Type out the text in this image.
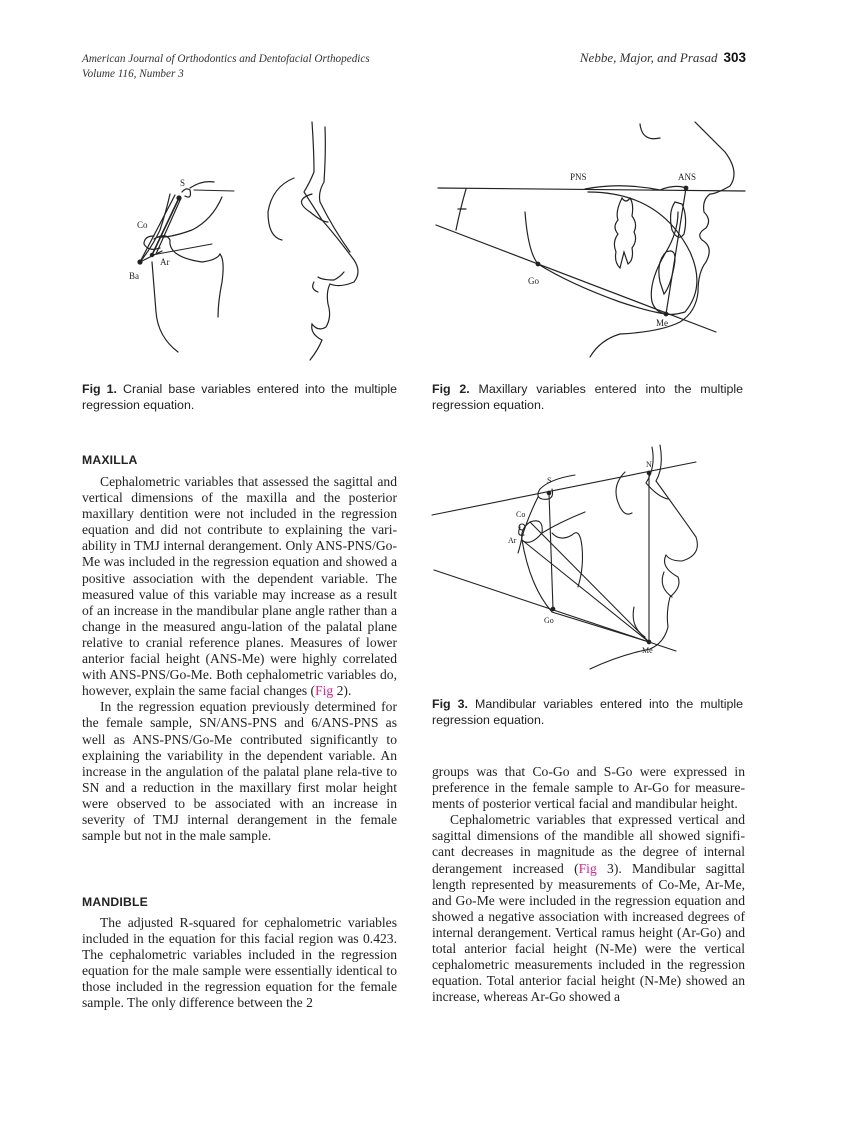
American Journal of Orthodontics and Dentofacial Orthopedics
Volume 116, Number 3
Nebbe, Major, and Prasad 303
S
Co
Ar
Ba
PNS	ANS
Go
Me
N
S
Co
Ar
Go
Me
Fig 1. Cranial base variables entered into the multiple regression equation.
Fig 2. Maxillary variables entered into the multiple regression equation.
Fig 3. Mandibular variables entered into the multiple regression equation.
MAXILLA

Cephalometric variables that assessed the sagittal and vertical dimensions of the maxilla and the posterior maxillary dentition were not included in the regression equation and did not contribute to explaining the vari-ability in TMJ internal derangement. Only ANS-PNS/Go-Me was included in the regression equation and showed a positive association with the dependent variable. The measured value of this variable may increase as a result of an increase in the mandibular plane angle rather than a change in the measured angu-lation of the palatal plane relative to cranial reference planes. Measures of lower anterior facial height (ANS-Me) were highly correlated with ANS-PNS/Go-Me. Both cephalometric variables do, however, explain the same facial changes (Fig 2).

In the regression equation previously determined for the female sample, SN/ANS-PNS and 6/ANS-PNS as well as ANS-PNS/Go-Me contributed significantly to explaining the variability in the dependent variable. An increase in the angulation of the palatal plane rela-tive to SN and a reduction in the maxillary first molar height were observed to be associated with an increase in severity of TMJ internal derangement in the female sample but not in the male sample.

MANDIBLE

The adjusted R-squared for cephalometric variables included in the equation for this facial region was 0.423. The cephalometric variables included in the regression equation for the male sample were essentially identical to those included in the regression equation for the female sample. The only difference between the 2

groups was that Co-Go and S-Go were expressed in preference in the female sample to Ar-Go for measure-ments of posterior vertical facial and mandibular height.

Cephalometric variables that expressed vertical and sagittal dimensions of the mandible all showed signifi-cant decreases in magnitude as the degree of internal derangement increased (Fig 3). Mandibular sagittal length represented by measurements of Co-Me, Ar-Me, and Go-Me were included in the regression equation and showed a negative association with increased degrees of internal derangement. Vertical ramus height (Ar-Go) and total anterior facial height (N-Me) were the vertical cephalometric measurements included in the regression equation. Total anterior facial height (N-Me) showed an increase, whereas Ar-Go showed a
